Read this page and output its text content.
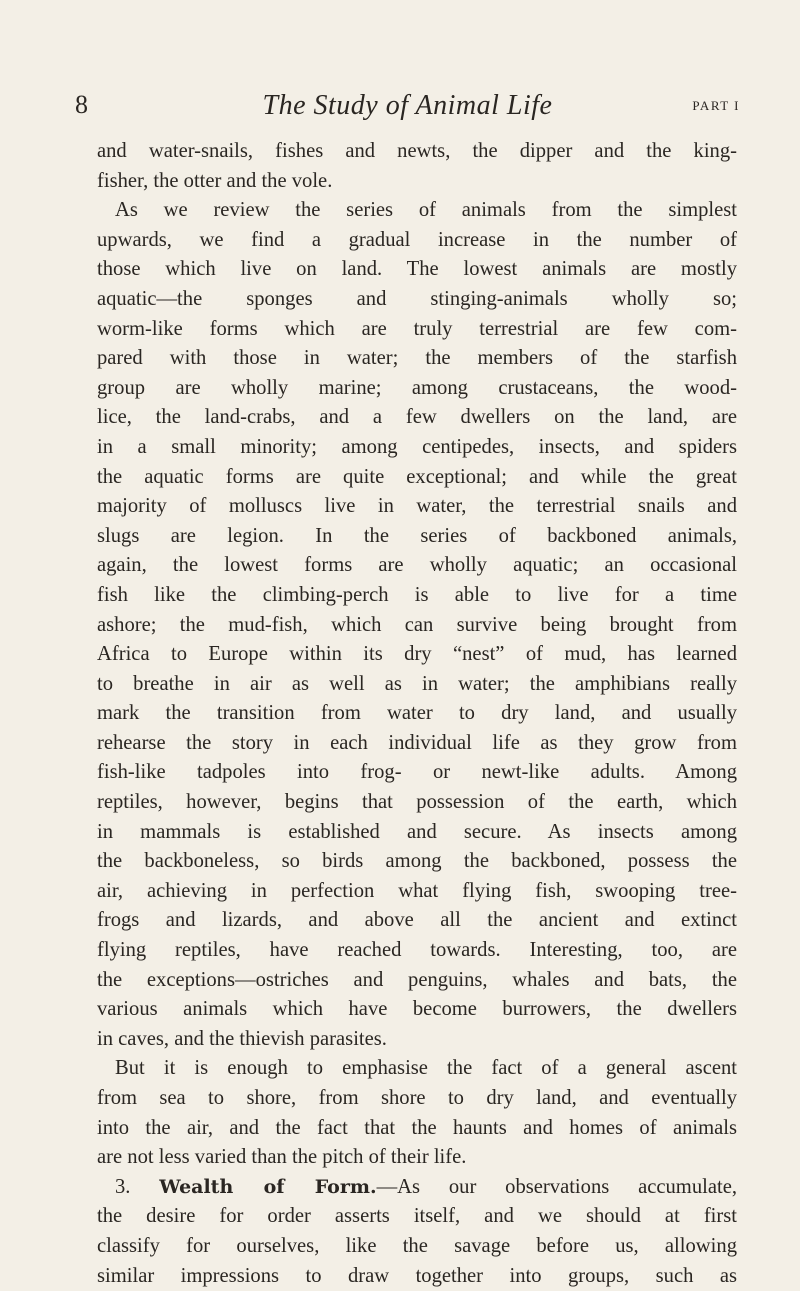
8	The Study of Animal Life	PART I
and water-snails, fishes and newts, the dipper and the king-
fisher, the otter and the vole.
As we review the series of animals from the simplest
upwards, we find a gradual increase in the number of
those which live on land. The lowest animals are mostly
aquatic—the sponges and stinging-animals wholly so;
worm-like forms which are truly terrestrial are few com-
pared with those in water; the members of the starfish
group are wholly marine; among crustaceans, the wood-
lice, the land-crabs, and a few dwellers on the land, are
in a small minority; among centipedes, insects, and spiders
the aquatic forms are quite exceptional; and while the great
majority of molluscs live in water, the terrestrial snails and
slugs are legion. In the series of backboned animals,
again, the lowest forms are wholly aquatic; an occasional
fish like the climbing-perch is able to live for a time
ashore; the mud-fish, which can survive being brought from
Africa to Europe within its dry “nest” of mud, has learned
to breathe in air as well as in water; the amphibians really
mark the transition from water to dry land, and usually
rehearse the story in each individual life as they grow from
fish-like tadpoles into frog- or newt-like adults. Among
reptiles, however, begins that possession of the earth, which
in mammals is established and secure. As insects among
the backboneless, so birds among the backboned, possess the
air, achieving in perfection what flying fish, swooping tree-
frogs and lizards, and above all the ancient and extinct
flying reptiles, have reached towards. Interesting, too, are
the exceptions—ostriches and penguins, whales and bats, the
various animals which have become burrowers, the dwellers
in caves, and the thievish parasites.
But it is enough to emphasise the fact of a general ascent
from sea to shore, from shore to dry land, and eventually
into the air, and the fact that the haunts and homes of animals
are not less varied than the pitch of their life.
3. Wealth of Form.—As our observations accumulate,
the desire for order asserts itself, and we should at first
classify for ourselves, like the savage before us, allowing
similar impressions to draw together into groups, such as
